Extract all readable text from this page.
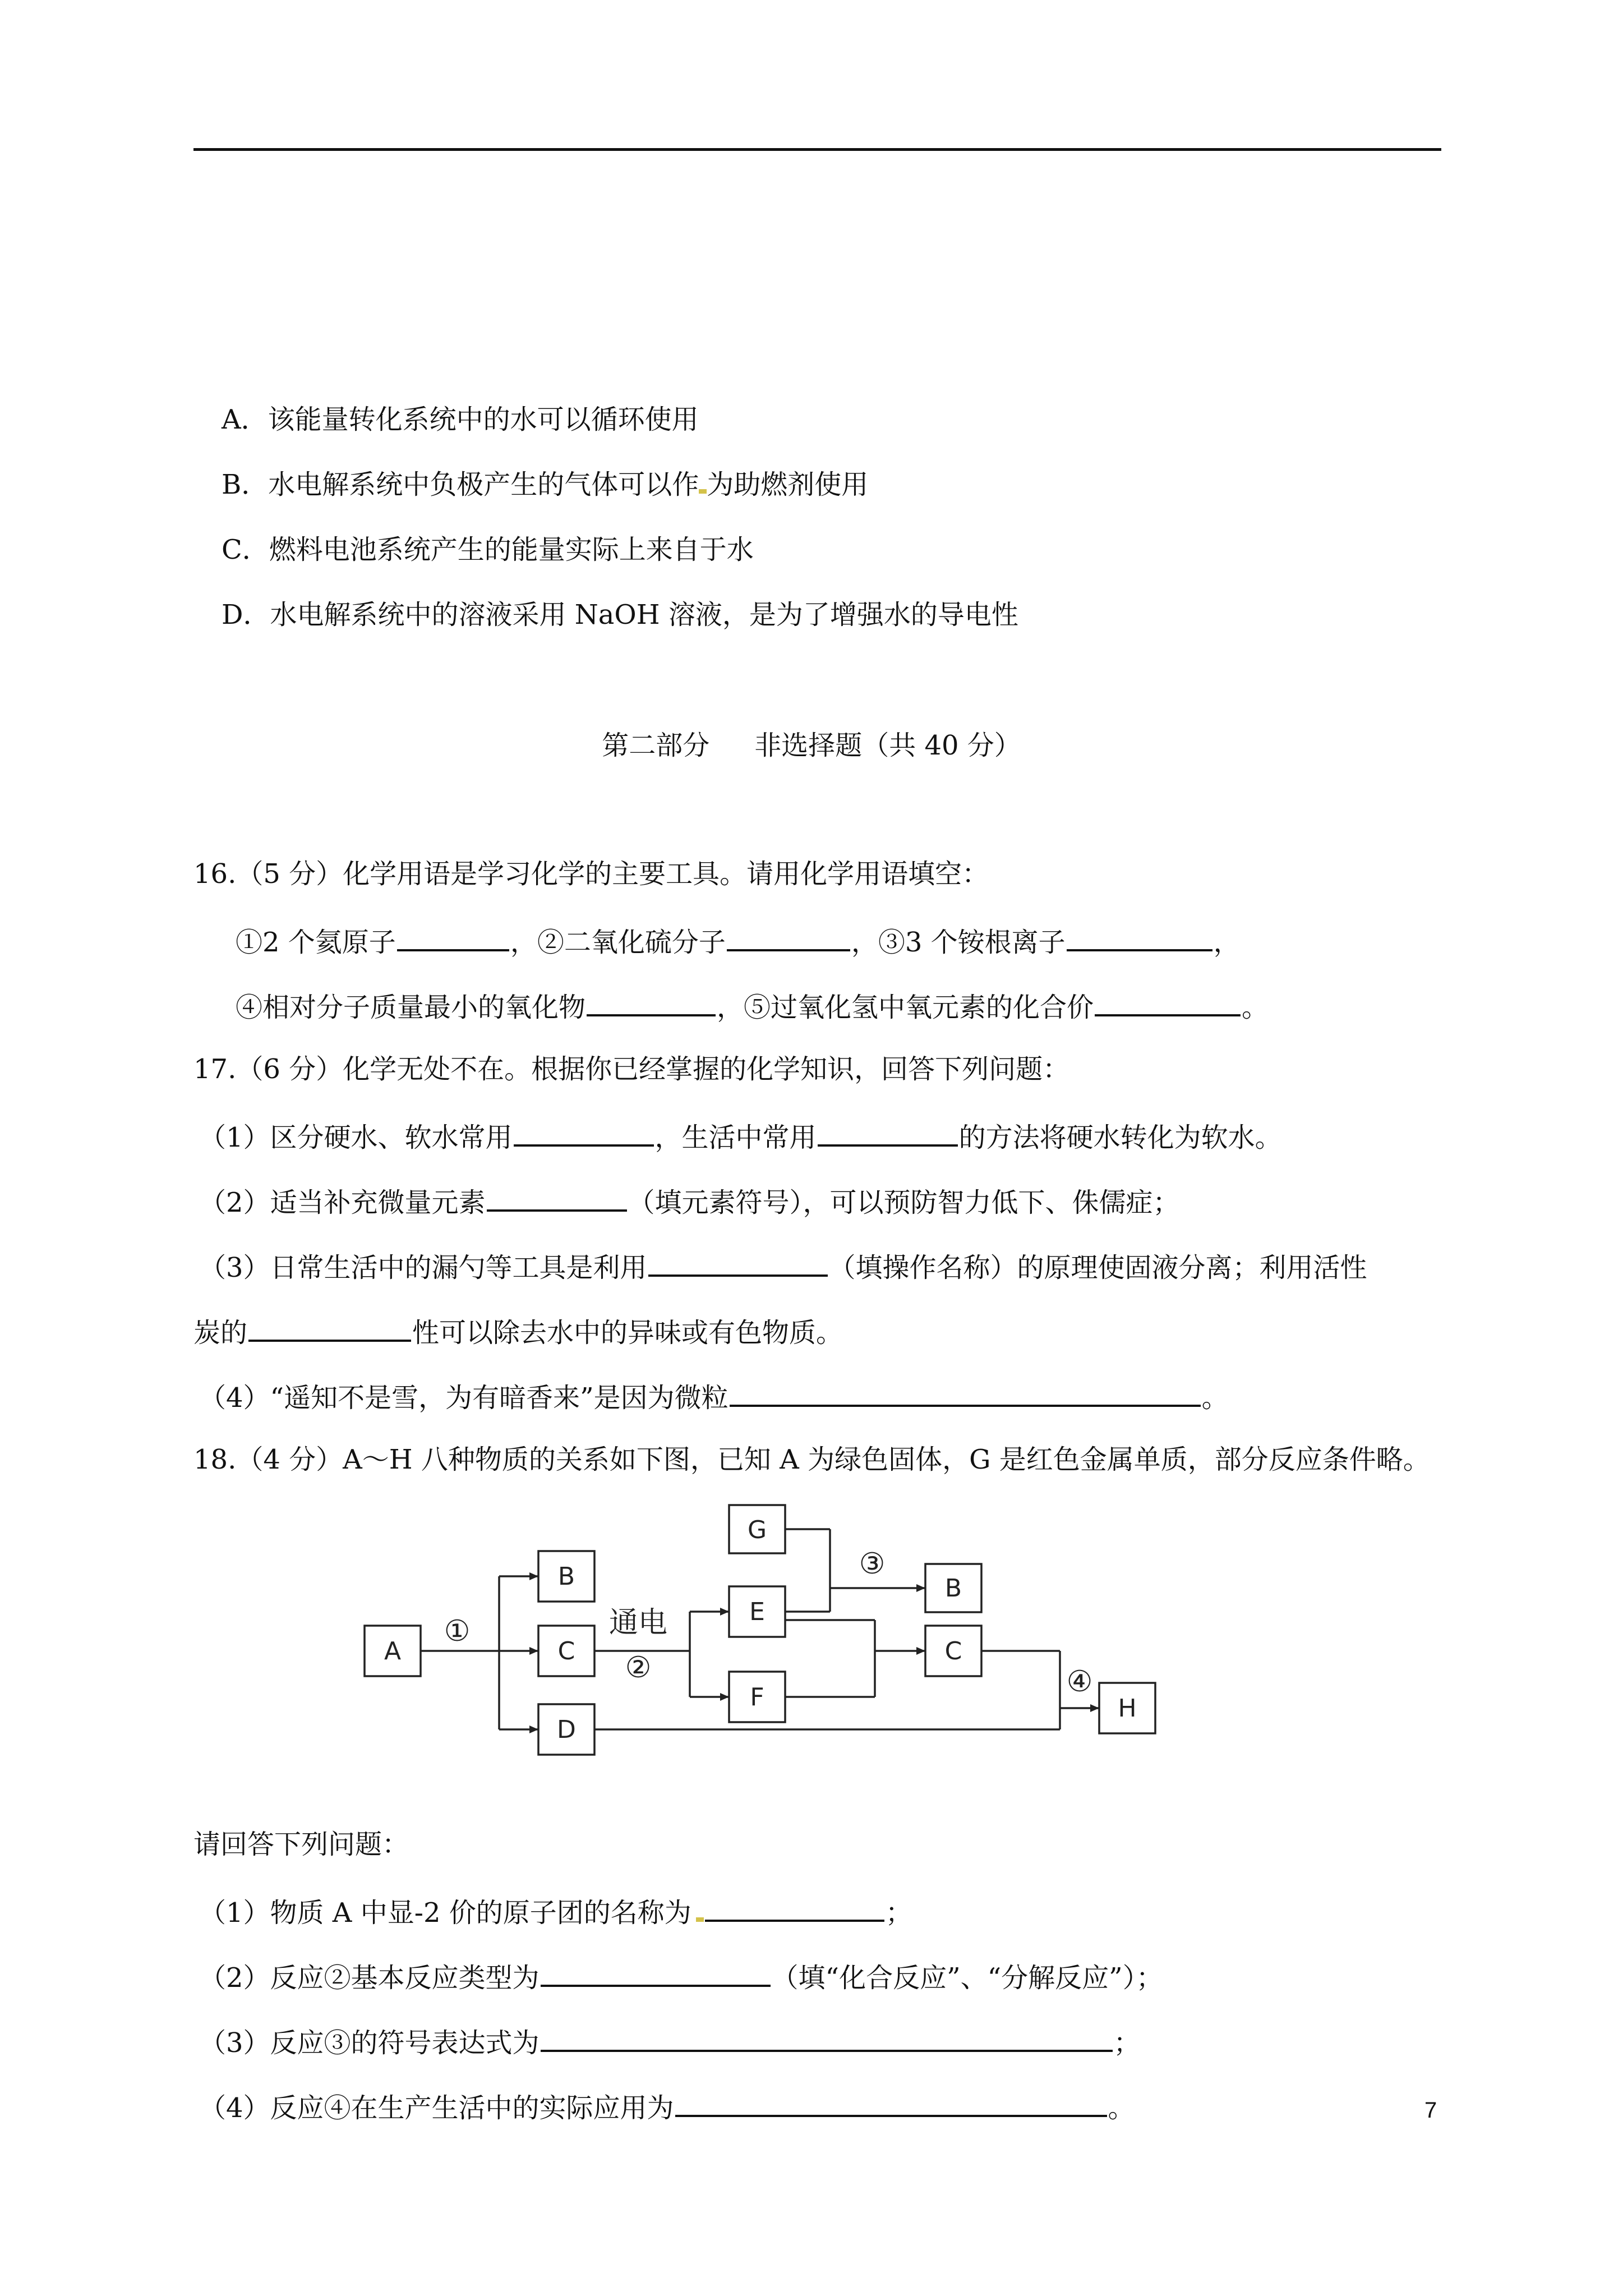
A．该能量转化系统中的水可以循环使用
B．水电解系统中负极产生的气体可以作 为助燃剂使用
C．燃料电池系统产生的能量实际上来自于水
D．水电解系统中的溶液采用 NaOH 溶液，是为了增强水的导电性
第二部分 非选择题（共 40 分）
16.（5 分）化学用语是学习化学的主要工具。请用化学用语填空：
①2 个氦原子	，②二氧化硫分子	，③3 个铵根离子	，
④相对分子质量最小的氧化物	，⑤过氧化氢中氧元素的化合价	。
17.（6 分）化学无处不在。根据你已经掌握的化学知识，回答下列问题：
（1）区分硬水、软水常用	，生活中常用	的方法将硬水转化为软水。
（2）适当补充微量元素	（填元素符号），可以预防智力低下、侏儒症；
（3）日常生活中的漏勺等工具是利用	（填操作名称）的原理使固液分离；利用活性
炭的	性可以除去水中的异味或有色物质。
（4）“遥知不是雪，为有暗香来”是因为微粒	。
18.（4 分）A～H 八种物质的关系如下图，已知 A 为绿色固体，G 是红色金属单质，部分反应条件略。
A
B
C
D
G
E
F
B
C
H
①	通电
②
③
④
请回答下列问题：
（1）物质 A 中显-2 价的原子团的名称为	；
（2）反应②基本反应类型为	（填“化合反应”、“分解反应”）；
（3）反应③的符号表达式为	；
（4）反应④在生产生活中的实际应用为	。	7
